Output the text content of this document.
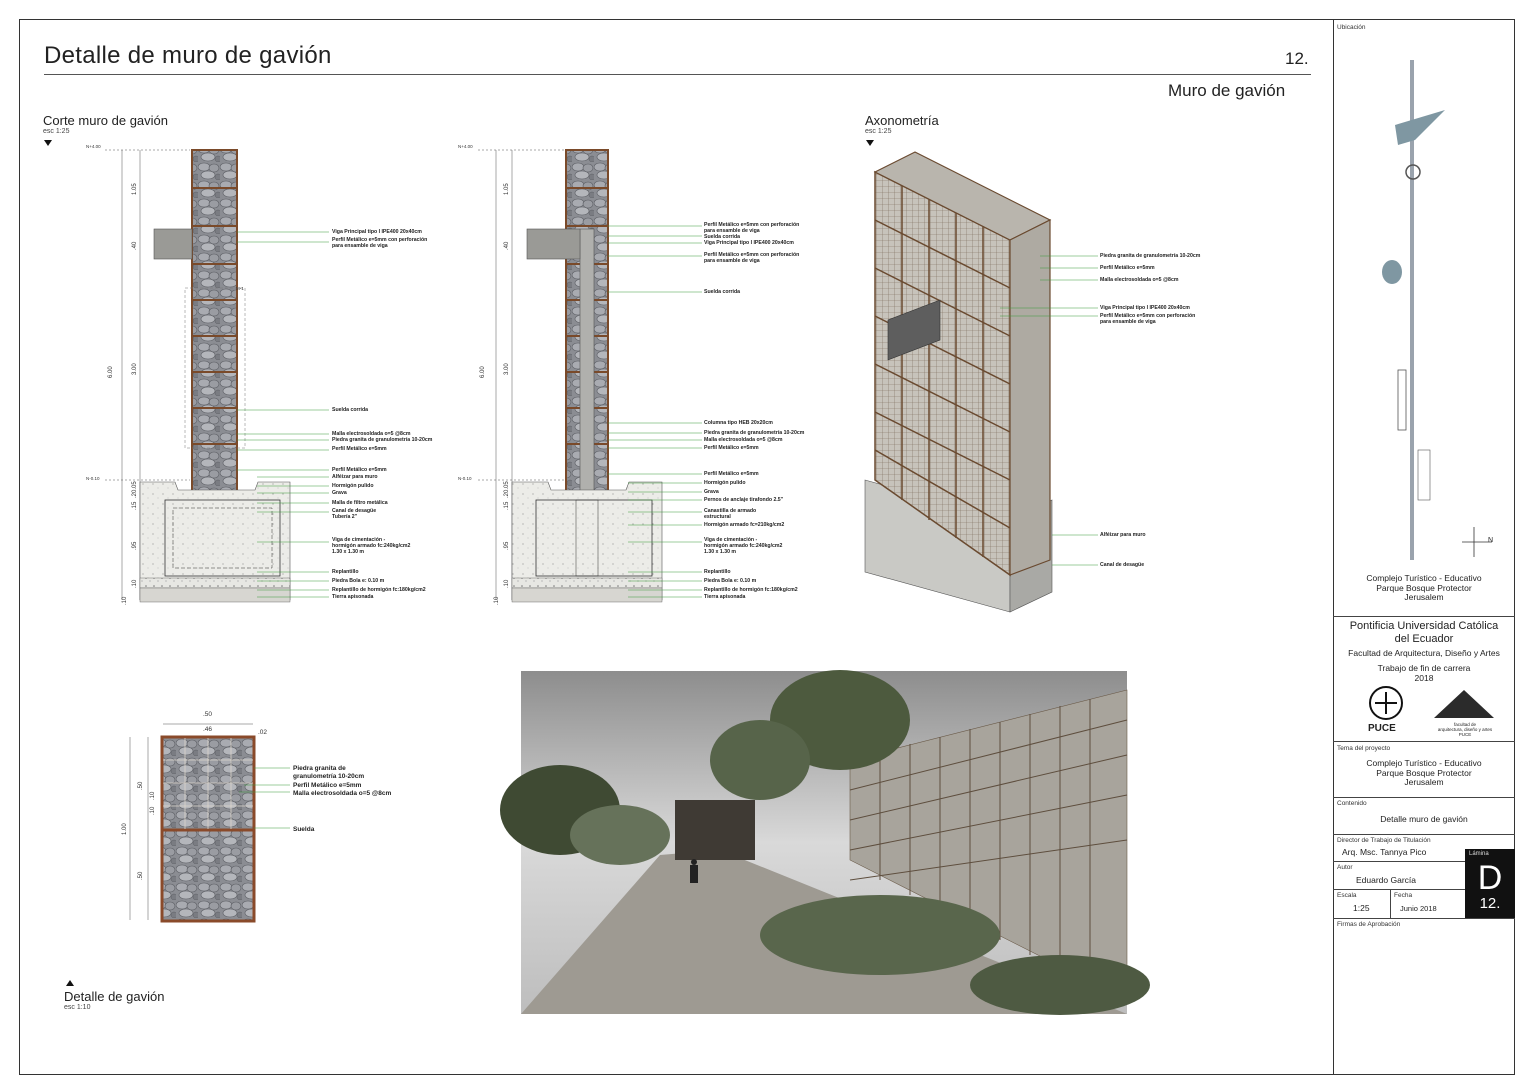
Detalle de muro de gavión	12.
Muro de gavión
Corte muro de gavión
esc 1:25
1.05
.40
3.00
6.00
.20.05
.15
.95
.10
.10
N+4.00
N-0.10
M-1
Viga Principal tipo I IPE400 20x40cm
Perfil Metálico e=5mm con perforación
para ensamble de viga
Suelda corrida
Malla electrosoldada o=5 @8cm
Piedra granita de granulometría 10-20cm
Perfil Metálico e=5mm
Perfil Metálico e=5mm
Alféizar para muro
Hormigón pulido
Grava
Malla de filtro metálica
Canal de desagüe
Tubería 2"
Viga de cimentación -
hormigón armado fc:240kg/cm2
1.30 x 1.30 m
Replantillo
Piedra Bola e: 0.10 m
Replantillo de hormigón fc:180kg/cm2
Tierra apisonada
1.05
.40
3.00
6.00
.20.05
.15
.95
.10
.10
N+4.00
N-0.10
Perfil Metálico e=5mm con perforación
para ensamble de viga
Suelda corrida
Viga Principal tipo I IPE400 20x40cm
Perfil Metálico e=5mm con perforación
para ensamble de viga
Suelda corrida
Columna tipo HEB 20x20cm
Piedra granita de granulometría 10-20cm
Malla electrosoldada o=5 @8cm
Perfil Metálico e=5mm
Perfil Metálico e=5mm
Hormigón pulido
Grava
Pernos de anclaje tirafondo 2.5"
Canastilla de armado
estructural
Hormigón armado fc=210kg/cm2
Viga de cimentación -
hormigón armado fc:240kg/cm2
1.30 x 1.30 m
Replantillo
Piedra Bola e: 0.10 m
Replantillo de hormigón fc:180kg/cm2
Tierra apisonada
Axonometría
esc 1:25
Piedra granita de granulometría 10-20cm
Perfil Metálico e=5mm
Malla electrosoldada o=5 @8cm
Viga Principal tipo I IPE400 20x40cm
Perfil Metálico e=5mm con perforación
para ensamble de viga
Alféizar para muro
Canal de desagüe
.50
.46	.02
.50
.10
.10
1.00
.50
Piedra granita de
granulometría 10-20cm
Perfil Metálico e=5mm
Malla electrosoldada o=5 @8cm
Suelda
Detalle de gavión
esc 1:10
Ubicación
N
Complejo Turístico - Educativo
Parque Bosque Protector
Jerusalem
Pontificia Universidad Católica
del Ecuador
Facultad de Arquitectura, Diseño y Artes
Trabajo de fin de carrera
2018
PUCE	facultad de
arquitectura, diseño y artes
PUCE
Tema del proyecto
Complejo Turístico - Educativo
Parque Bosque Protector
Jerusalem
Contenido
Detalle muro de gavión
Director de Trabajo de Titulación
Arq. Msc. Tannya Pico
Autor
Eduardo García
Escala
1:25
Fecha
Junio 2018
Lámina
D
12.
Firmas de Aprobación
